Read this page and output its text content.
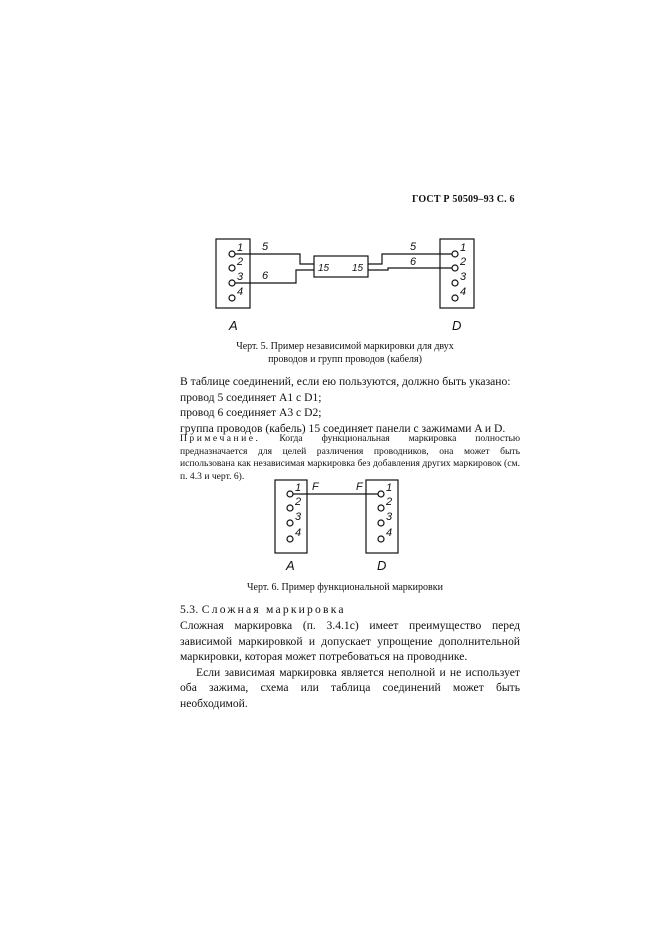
ГОСТ Р 50509–93 С. 6
1
2
3
4
1
2
3
4
5
6
5
6
15 15
A	D
Черт. 5. Пример независимой маркировки для двух
проводов и групп проводов (кабеля)

В таблице соединений, если ею пользуются, должно быть указано:

провод 5 соединяет A1 с D1;

провод 6 соединяет A3 с D2;

группа проводов (кабель) 15 соединяет панели с зажимами A и D.

Примечание. Когда функциональная маркировка полностью предназначается для целей различения проводников, она может быть использована как независимая маркировка без добавления других маркировок (см. п. 4.3 и черт. 6).
1
2
3
4
1
2
3
4
F	F
A	D
Черт. 6. Пример функциональной маркировки
5.3. Сложная маркировка

Сложная маркировка (п. 3.4.1с) имеет преимущество перед зависимой маркировкой и допускает упрощение дополнительной маркировки, которая может потребоваться на проводнике.

Если зависимая маркировка является неполной и не использует оба зажима, схема или таблица соединений может быть необходимой.
